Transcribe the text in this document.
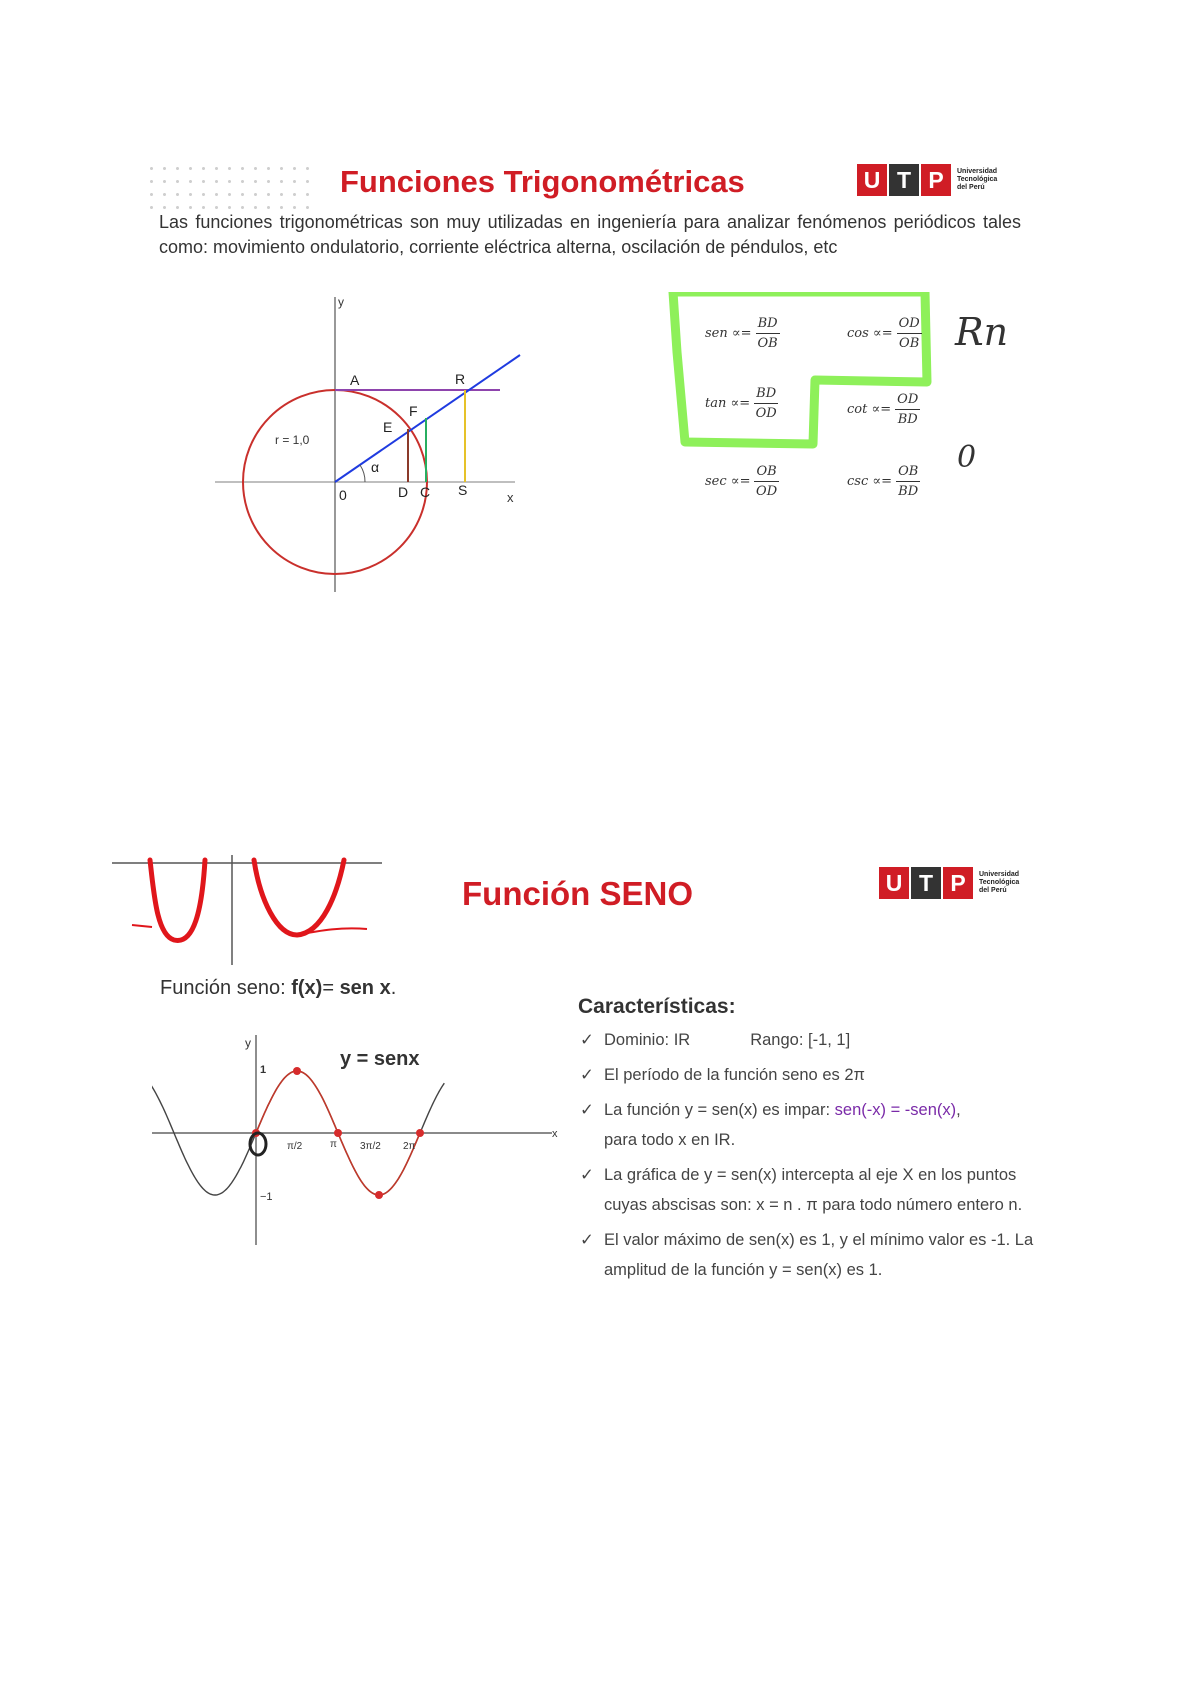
Funciones Trigonométricas	U T P	Universidad
Tecnológica
del Perú
Las funciones trigonométricas son muy utilizadas en ingeniería para analizar fenómenos periódicos tales como: movimiento ondulatorio, corriente eléctrica alterna, oscilación de péndulos, etc
y
x
r = 1,0
A	R
F
E
α
0	D C S
sen ∝= $\frac{BD}{OB}$	$\cos \propto= \frac{OD}{OB}$
$\tan \propto= \frac{BD}{OD}$	$\cot \propto= \frac{OD}{BD}$
$\sec \propto= \frac{OB}{OD}$	$\csc \propto= \frac{OB}{BD}$
Rn
0
Función SENO	U T P	Universidad
Tecnológica
del Perú
Función seno: f(x)= sen x.
y = senx
y
x
1
−1
π/2	π 3π/2 2π
Características:
✓ Dominio: IR	Rango: [-1, 1]
✓ El período de la función seno es 2π
✓ La función y = sen(x) es impar: sen(-x) = -sen(x),
para todo x en IR.
✓ La gráfica de y = sen(x) intercepta al eje X en los puntos cuyas abscisas son: x = n . π para todo número entero n.
✓ El valor máximo de sen(x) es 1, y el mínimo valor es -1. La amplitud de la función y = sen(x) es 1.
